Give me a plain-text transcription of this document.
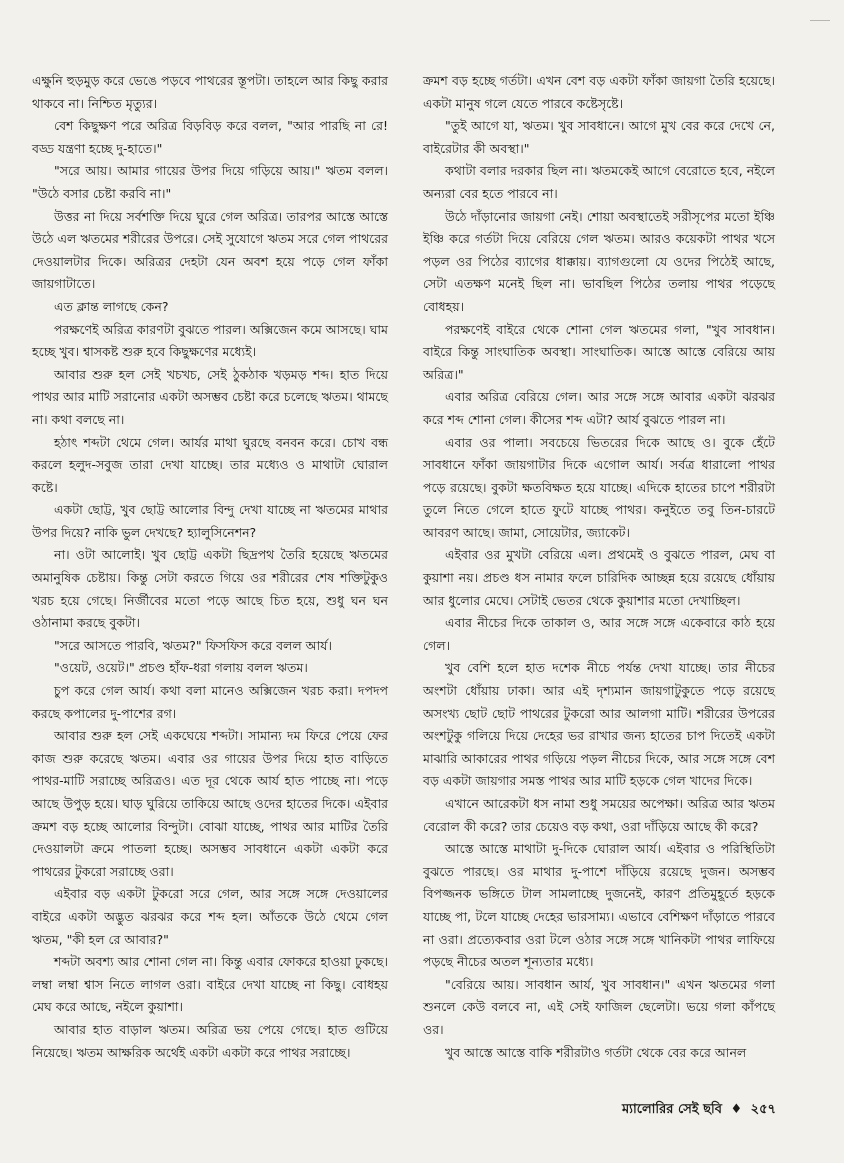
এক্ষুনি হুড়মুড় করে ভেঙে পড়বে পাথরের স্তূপটা। তাহলে আর কিছু করার থাকবে না। নিশ্চিত মৃত্যুর।

বেশ কিছুক্ষণ পরে অরিত্র বিড়বিড় করে বলল, "আর পারছি না রে! বড্ড যন্ত্রণা হচ্ছে দু-হাতে।"

"সরে আয়। আমার গায়ের উপর দিয়ে গড়িয়ে আয়।" ঋতম বলল। "উঠে বসার চেষ্টা করবি না।"

উত্তর না দিয়ে সর্বশক্তি দিয়ে ঘুরে গেল অরিত্র। তারপর আস্তে আস্তে উঠে এল ঋতমের শরীরের উপরে। সেই সুযোগে ঋতম সরে গেল পাথরের দেওয়ালটার দিকে। অরিত্রর দেহটা যেন অবশ হয়ে পড়ে গেল ফাঁকা জায়গাটাতে।

এত ক্লান্ত লাগছে কেন?

পরক্ষণেই অরিত্র কারণটা বুঝতে পারল। অক্সিজেন কমে আসছে। ঘাম হচ্ছে খুব। শ্বাসকষ্ট শুরু হবে কিছুক্ষণের মধ্যেই।

আবার শুরু হল সেই খচখচ, সেই ঠুকঠাক খড়মড় শব্দ। হাত দিয়ে পাথর আর মাটি সরানোর একটা অসম্ভব চেষ্টা করে চলেছে ঋতম। থামছে না। কথা বলছে না।

হঠাৎ শব্দটা থেমে গেল। আর্যর মাথা ঘুরছে বনবন করে। চোখ বন্ধ করলে হলুদ-সবুজ তারা দেখা যাচ্ছে। তার মধ্যেও ও মাথাটা ঘোরাল কষ্টে।

একটা ছোট্ট, খুব ছোট্ট আলোর বিন্দু দেখা যাচ্ছে না ঋতমের মাথার উপর দিয়ে? নাকি ভুল দেখছে? হ্যালুসিনেশন?

না। ওটা আলোই। খুব ছোট্ট একটা ছিদ্রপথ তৈরি হয়েছে ঋতমের অমানুষিক চেষ্টায়। কিন্তু সেটা করতে গিয়ে ওর শরীরের শেষ শক্তিটুকুও খরচ হয়ে গেছে। নির্জীবের মতো পড়ে আছে চিত হয়ে, শুধু ঘন ঘন ওঠানামা করছে বুকটা।

"সরে আসতে পারবি, ঋতম?" ফিসফিস করে বলল আর্য।

"ওয়েট, ওয়েট।" প্রচণ্ড হাঁফ-ধরা গলায় বলল ঋতম।

চুপ করে গেল আর্য। কথা বলা মানেও অক্সিজেন খরচ করা। দপদপ করছে কপালের দু-পাশের রগ।

আবার শুরু হল সেই একঘেয়ে শব্দটা। সামান্য দম ফিরে পেয়ে ফের কাজ শুরু করেছে ঋতম। এবার ওর গায়ের উপর দিয়ে হাত বাড়িতে পাথর-মাটি সরাচ্ছে অরিত্রও। এত দূর থেকে আর্য হাত পাচ্ছে না। পড়ে আছে উপুড় হয়ে। ঘাড় ঘুরিয়ে তাকিয়ে আছে ওদের হাতের দিকে। এইবার ক্রমশ বড় হচ্ছে আলোর বিন্দুটা। বোঝা যাচ্ছে, পাথর আর মাটির তৈরি দেওয়ালটা ক্রমে পাতলা হচ্ছে। অসম্ভব সাবধানে একটা একটা করে পাথরের টুকরো সরাচ্ছে ওরা।

এইবার বড় একটা টুকরো সরে গেল, আর সঙ্গে সঙ্গে দেওয়ালের বাইরে একটা অদ্ভুত ঝরঝর করে শব্দ হল। আঁতকে উঠে থেমে গেল ঋতম, "কী হল রে আবার?"

শব্দটা অবশ্য আর শোনা গেল না। কিন্তু এবার ফোকরে হাওয়া ঢুকছে। লম্বা লম্বা শ্বাস নিতে লাগল ওরা। বাইরে দেখা যাচ্ছে না কিছু। বোধহয় মেঘ করে আছে, নইলে কুয়াশা।

আবার হাত বাড়াল ঋতম। অরিত্র ভয় পেয়ে গেছে। হাত গুটিয়ে নিয়েছে। ঋতম আক্ষরিক অর্থেই একটা একটা করে পাথর সরাচ্ছে।

ক্রমশ বড় হচ্ছে গর্তটা। এখন বেশ বড় একটা ফাঁকা জায়গা তৈরি হয়েছে। একটা মানুষ গলে যেতে পারবে কষ্টেসৃষ্টে।

"তুই আগে যা, ঋতম। খুব সাবধানে। আগে মুখ বের করে দেখে নে, বাইরেটার কী অবস্থা।"

কথাটা বলার দরকার ছিল না। ঋতমকেই আগে বেরোতে হবে, নইলে অন্যরা বের হতে পারবে না।

উঠে দাঁড়ানোর জায়গা নেই। শোয়া অবস্থাতেই সরীসৃপের মতো ইঞ্চি ইঞ্চি করে গর্তটা দিয়ে বেরিয়ে গেল ঋতম। আরও কয়েকটা পাথর খসে পড়ল ওর পিঠের ব্যাগের ধাক্কায়। ব্যাগগুলো যে ওদের পিঠেই আছে, সেটা এতক্ষণ মনেই ছিল না। ভাবছিল পিঠের তলায় পাথর পড়েছে বোধহয়।

পরক্ষণেই বাইরে থেকে শোনা গেল ঋতমের গলা, "খুব সাবধান। বাইরে কিন্তু সাংঘাতিক অবস্থা। সাংঘাতিক। আস্তে আস্তে বেরিয়ে আয় অরিত্র।"

এবার অরিত্র বেরিয়ে গেল। আর সঙ্গে সঙ্গে আবার একটা ঝরঝর করে শব্দ শোনা গেল। কীসের শব্দ এটা? আর্য বুঝতে পারল না।

এবার ওর পালা। সবচেয়ে ভিতরের দিকে আছে ও। বুকে হেঁটে সাবধানে ফাঁকা জায়গাটার দিকে এগোল আর্য। সর্বত্র ধারালো পাথর পড়ে রয়েছে। বুকটা ক্ষতবিক্ষত হয়ে যাচ্ছে। এদিকে হাতের চাপে শরীরটা তুলে নিতে গেলে হাতে ফুটে যাচ্ছে পাথর। কনুইতে তবু তিন-চারটে আবরণ আছে। জামা, সোয়েটার, জ্যাকেট।

এইবার ওর মুখটা বেরিয়ে এল। প্রথমেই ও বুঝতে পারল, মেঘ বা কুয়াশা নয়। প্রচণ্ড ধস নামার ফলে চারিদিক আচ্ছন্ন হয়ে রয়েছে ধোঁয়ায় আর ধুলোর মেঘে। সেটাই ভেতর থেকে কুয়াশার মতো দেখাচ্ছিল।

এবার নীচের দিকে তাকাল ও, আর সঙ্গে সঙ্গে একেবারে কাঠ হয়ে গেল।

খুব বেশি হলে হাত দশেক নীচে পর্যন্ত দেখা যাচ্ছে। তার নীচের অংশটা ধোঁয়ায় ঢাকা। আর এই দৃশ্যমান জায়গাটুকুতে পড়ে রয়েছে অসংখ্য ছোট ছোট পাথরের টুকরো আর আলগা মাটি। শরীরের উপরের অংশটুকু গলিয়ে দিয়ে দেহের ভর রাখার জন্য হাতের চাপ দিতেই একটা মাঝারি আকারের পাথর গড়িয়ে পড়ল নীচের দিকে, আর সঙ্গে সঙ্গে বেশ বড় একটা জায়গার সমস্ত পাথর আর মাটি হড়কে গেল খাদের দিকে।

এখানে আরেকটা ধস নামা শুধু সময়ের অপেক্ষা। অরিত্র আর ঋতম বেরোল কী করে? তার চেয়েও বড় কথা, ওরা দাঁড়িয়ে আছে কী করে?

আস্তে আস্তে মাথাটা দু-দিকে ঘোরাল আর্য। এইবার ও পরিস্থিতিটা বুঝতে পারছে। ওর মাথার দু-পাশে দাঁড়িয়ে রয়েছে দুজন। অসম্ভব বিপজ্জনক ভঙ্গিতে টাল সামলাচ্ছে দুজনেই, কারণ প্রতিমুহূর্তে হড়কে যাচ্ছে পা, টলে যাচ্ছে দেহের ভারসাম্য। এভাবে বেশিক্ষণ দাঁড়াতে পারবে না ওরা। প্রত্যেকবার ওরা টলে ওঠার সঙ্গে সঙ্গে খানিকটা পাথর লাফিয়ে পড়ছে নীচের অতল শূন্যতার মধ্যে।

"বেরিয়ে আয়। সাবধান আর্য, খুব সাবধান।" এখন ঋতমের গলা শুনলে কেউ বলবে না, এই সেই ফাজিল ছেলেটা। ভয়ে গলা কাঁপছে ওর।

খুব আস্তে আস্তে বাকি শরীরটাও গর্তটা থেকে বের করে আনল

ম্যালোরির সেই ছবি ♦ ২৫৭
